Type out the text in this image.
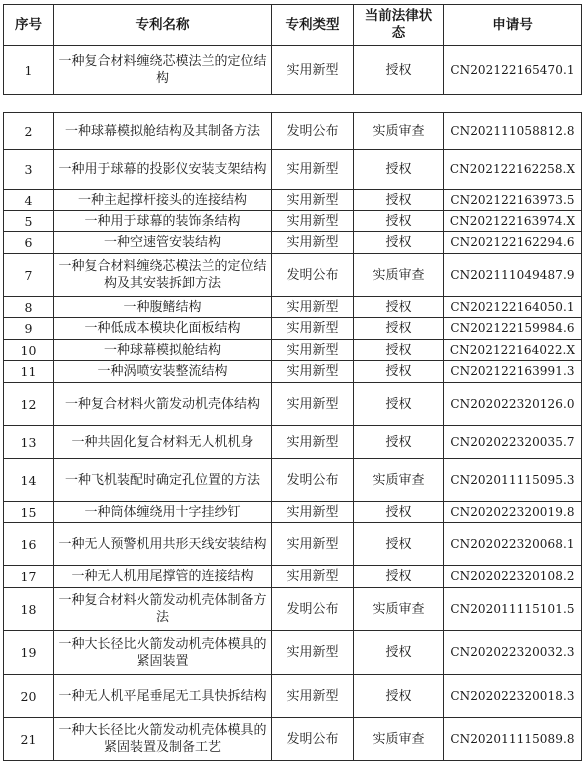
序号	专利名称	专利类型	当前法律状态	申请号
1	一种复合材料缠绕芯模法兰的定位结构	实用新型	授权	CN202122165470.1
2	一种球幕模拟舱结构及其制备方法	发明公布	实质审查	CN202111058812.8
3	一种用于球幕的投影仪安装支架结构	实用新型	授权	CN202122162258.X
4	一种主起撑杆接头的连接结构	实用新型	授权	CN202122163973.5
5	一种用于球幕的装饰条结构	实用新型	授权	CN202122163974.X
6	一种空速管安装结构	实用新型	授权	CN202122162294.6
7	一种复合材料缠绕芯模法兰的定位结构及其安装拆卸方法	发明公布	实质审查	CN202111049487.9
8	一种腹鳍结构	实用新型	授权	CN202122164050.1
9	一种低成本模块化面板结构	实用新型	授权	CN202122159984.6
10	一种球幕模拟舱结构	实用新型	授权	CN202122164022.X
11	一种涡喷安装整流结构	实用新型	授权	CN202122163991.3
12	一种复合材料火箭发动机壳体结构	实用新型	授权	CN202022320126.0
13	一种共固化复合材料无人机机身	实用新型	授权	CN202022320035.7
14	一种飞机装配时确定孔位置的方法	发明公布	实质审查	CN202011115095.3
15	一种筒体缠绕用十字挂纱钉	实用新型	授权	CN202022320019.8
16	一种无人预警机用共形天线安装结构	实用新型	授权	CN202022320068.1
17	一种无人机用尾撑管的连接结构	实用新型	授权	CN202022320108.2
18	一种复合材料火箭发动机壳体制备方法	发明公布	实质审查	CN202011115101.5
19	一种大长径比火箭发动机壳体模具的紧固装置	实用新型	授权	CN202022320032.3
20	一种无人机平尾垂尾无工具快拆结构	实用新型	授权	CN202022320018.3
21	一种大长径比火箭发动机壳体模具的紧固装置及制备工艺	发明公布	实质审查	CN202011115089.8
